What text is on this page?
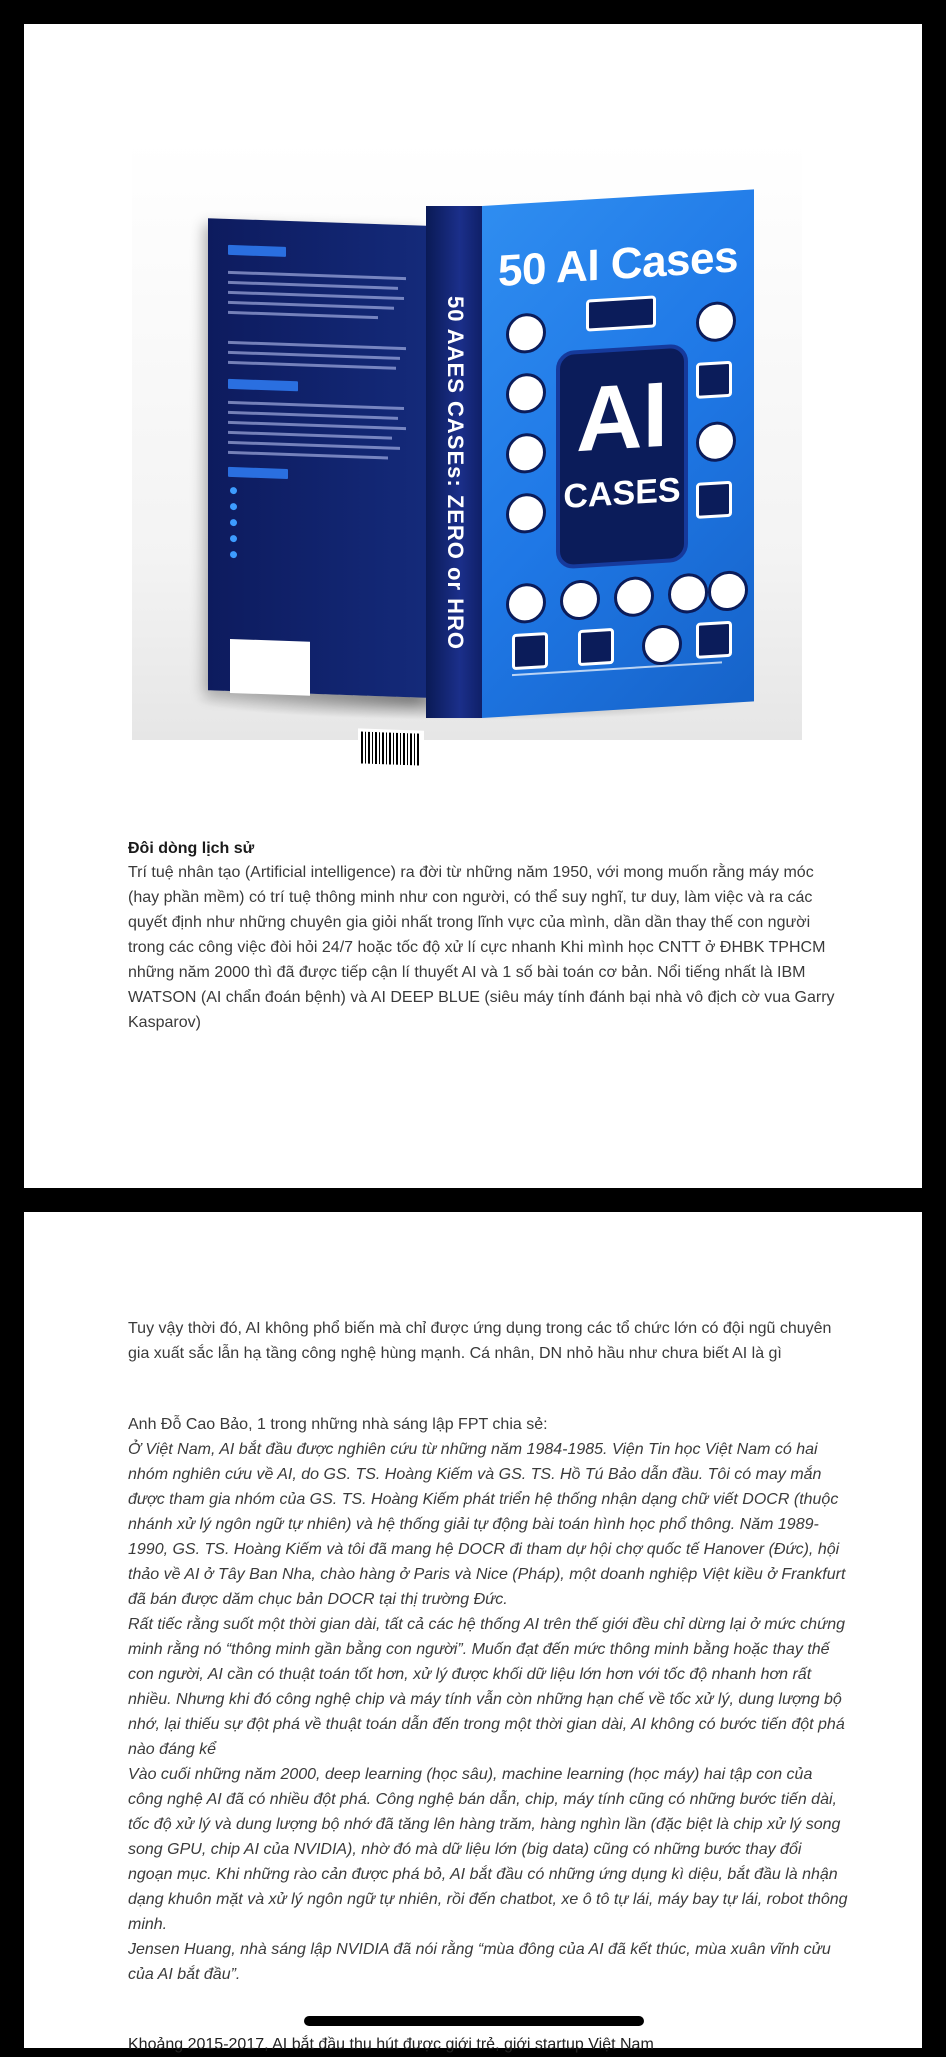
50 AAES CASEs: ZERO or HRO
50 AI Cases
AI
CASES

Đôi dòng lịch sử

Trí tuệ nhân tạo (Artificial intelligence) ra đời từ những năm 1950, với mong muốn rằng máy móc (hay phần mềm) có trí tuệ thông minh như con người, có thể suy nghĩ, tư duy, làm việc và ra các quyết định như những chuyên gia giỏi nhất trong lĩnh vực của mình, dần dần thay thế con người trong các công việc đòi hỏi 24/7 hoặc tốc độ xử lí cực nhanh Khi mình học CNTT ở ĐHBK TPHCM những năm 2000 thì đã được tiếp cận lí thuyết AI và 1 số bài toán cơ bản. Nổi tiếng nhất là IBM WATSON (AI chẩn đoán bệnh) và AI DEEP BLUE (siêu máy tính đánh bại nhà vô địch cờ vua Garry Kasparov)

Tuy vậy thời đó, AI không phổ biến mà chỉ được ứng dụng trong các tổ chức lớn có đội ngũ chuyên gia xuất sắc lẫn hạ tầng công nghệ hùng mạnh. Cá nhân, DN nhỏ hầu như chưa biết AI là gì

Anh Đỗ Cao Bảo, 1 trong những nhà sáng lập FPT chia sẻ:

Ở Việt Nam, AI bắt đầu được nghiên cứu từ những năm 1984-1985. Viện Tin học Việt Nam có hai nhóm nghiên cứu về AI, do GS. TS. Hoàng Kiếm và GS. TS. Hồ Tú Bảo dẫn đầu. Tôi có may mắn được tham gia nhóm của GS. TS. Hoàng Kiếm phát triển hệ thống nhận dạng chữ viết DOCR (thuộc nhánh xử lý ngôn ngữ tự nhiên) và hệ thống giải tự động bài toán hình học phổ thông. Năm 1989-1990, GS. TS. Hoàng Kiếm và tôi đã mang hệ DOCR đi tham dự hội chợ quốc tế Hanover (Đức), hội thảo về AI ở Tây Ban Nha, chào hàng ở Paris và Nice (Pháp), một doanh nghiệp Việt kiều ở Frankfurt đã bán được dăm chục bản DOCR tại thị trường Đức.
Rất tiếc rằng suốt một thời gian dài, tất cả các hệ thống AI trên thế giới đều chỉ dừng lại ở mức chứng minh rằng nó “thông minh gần bằng con người”. Muốn đạt đến mức thông minh bằng hoặc thay thế con người, AI cần có thuật toán tốt hơn, xử lý được khối dữ liệu lớn hơn với tốc độ nhanh hơn rất nhiều. Nhưng khi đó công nghệ chip và máy tính vẫn còn những hạn chế về tốc xử lý, dung lượng bộ nhớ, lại thiếu sự đột phá về thuật toán dẫn đến trong một thời gian dài, AI không có bước tiến đột phá nào đáng kể
Vào cuối những năm 2000, deep learning (học sâu), machine learning (học máy) hai tập con của công nghệ AI đã có nhiều đột phá. Công nghệ bán dẫn, chip, máy tính cũng có những bước tiến dài, tốc độ xử lý và dung lượng bộ nhớ đã tăng lên hàng trăm, hàng nghìn lần (đặc biệt là chip xử lý song song GPU, chip AI của NVIDIA), nhờ đó mà dữ liệu lớn (big data) cũng có những bước thay đổi ngoạn mục. Khi những rào cản được phá bỏ, AI bắt đầu có những ứng dụng kì diệu, bắt đầu là nhận dạng khuôn mặt và xử lý ngôn ngữ tự nhiên, rồi đến chatbot, xe ô tô tự lái, máy bay tự lái, robot thông minh.
Jensen Huang, nhà sáng lập NVIDIA đã nói rằng “mùa đông của AI đã kết thúc, mùa xuân vĩnh cửu của AI bắt đầu”.

Khoảng 2015-2017, AI bắt đầu thu hút được giới trẻ, giới startup Việt Nam
